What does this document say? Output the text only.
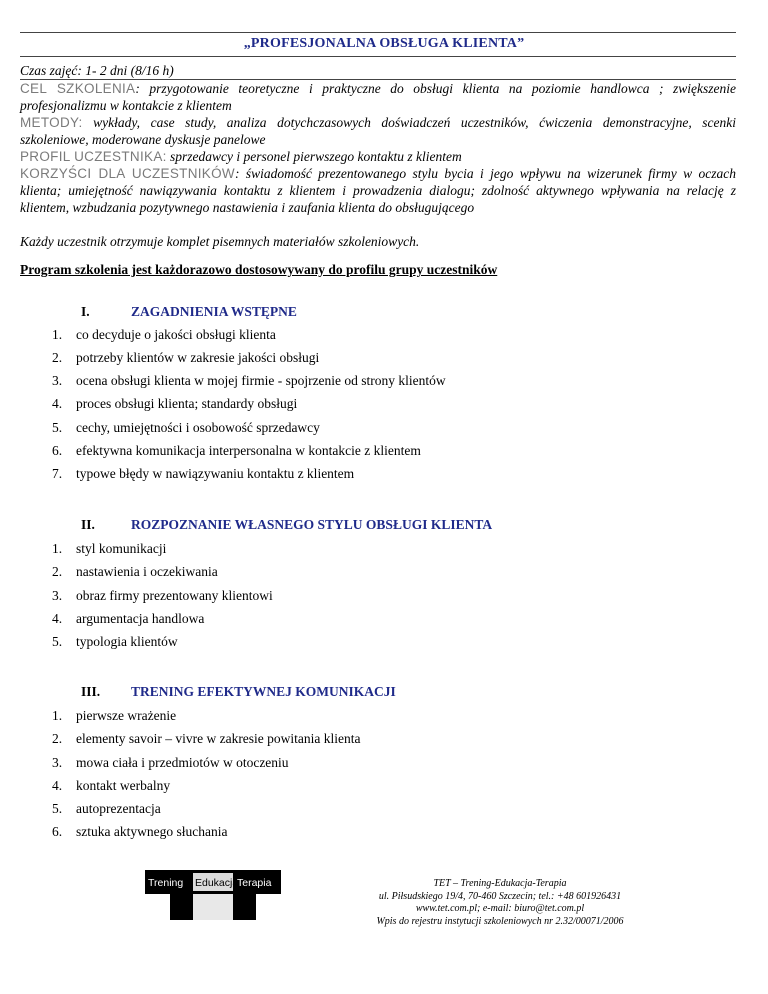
„PROFESJONALNA OBSŁUGA KLIENTA”
Czas zajęć: 1- 2 dni (8/16 h)
CEL SZKOLENIA: przygotowanie teoretyczne i praktyczne do obsługi klienta na poziomie handlowca ; zwiększenie profesjonalizmu w kontakcie z klientem
METODY: wykłady, case study, analiza dotychczasowych doświadczeń uczestników, ćwiczenia demonstracyjne, scenki szkoleniowe, moderowane dyskusje panelowe
PROFIL UCZESTNIKA: sprzedawcy i personel pierwszego kontaktu z klientem
KORZYŚCI DLA UCZESTNIKÓW: świadomość prezentowanego stylu bycia i jego wpływu na wizerunek firmy w oczach klienta; umiejętność nawiązywania kontaktu z klientem i prowadzenia dialogu; zdolność aktywnego wpływania na relację z klientem, wzbudzania pozytywnego nastawienia i zaufania klienta do obsługującego
Każdy uczestnik otrzymuje komplet pisemnych materiałów szkoleniowych.
Program szkolenia jest każdorazowo dostosowywany do profilu grupy uczestników
I.	ZAGADNIENIA WSTĘPNE
1. co decyduje o jakości obsługi klienta
2. potrzeby klientów w zakresie jakości obsługi
3. ocena obsługi klienta w mojej firmie - spojrzenie od strony klientów
4. proces obsługi klienta; standardy obsługi
5. cechy, umiejętności i osobowość sprzedawcy
6. efektywna komunikacja interpersonalna w kontakcie z klientem
7. typowe błędy w nawiązywaniu kontaktu z klientem
II.	ROZPOZNANIE WŁASNEGO STYLU OBSŁUGI KLIENTA
1. styl komunikacji
2. nastawienia i oczekiwania
3. obraz firmy prezentowany klientowi
4. argumentacja handlowa
5. typologia klientów
III. TRENING EFEKTYWNEJ KOMUNIKACJI
1. pierwsze wrażenie
2. elementy savoir – vivre w zakresie powitania klienta
3. mowa ciała i przedmiotów w otoczeniu
4. kontakt werbalny
5. autoprezentacja
6. sztuka aktywnego słuchania
Trening Edukacja
Terapia	TET – Trening-Edukacja-Terapia
ul. Piłsudskiego 19/4, 70-460 Szczecin; tel.: +48 601926431
www.tet.com.pl; e-mail: biuro@tet.com.pl
Wpis do rejestru instytucji szkoleniowych nr 2.32/00071/2006
